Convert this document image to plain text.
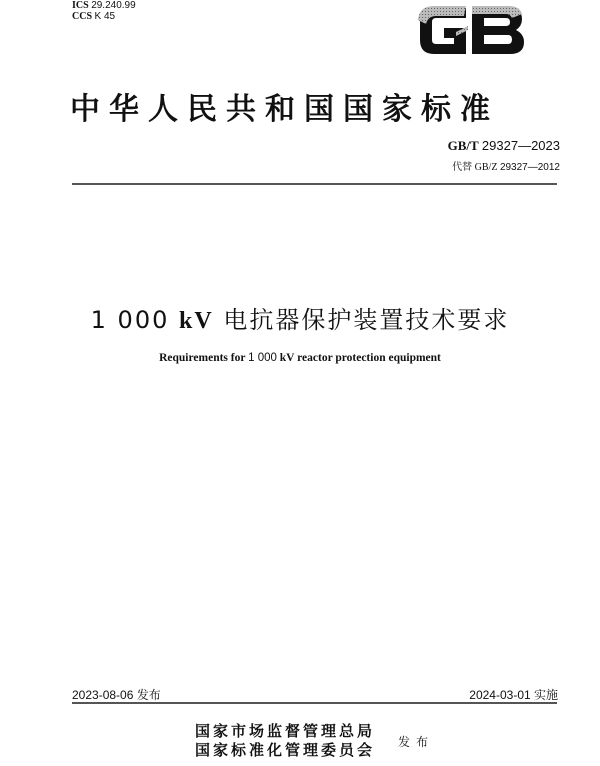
ICS 29.240.99
CCS K 45
中华人民共和国国家标准
GB/T 29327—2023
代替 GB/Z 29327—2012
1 000 kV 电抗器保护装置技术要求
Requirements for 1 000 kV reactor protection equipment
2023-08-06 发布	2024-03-01 实施
国家市场监督管理总局
国家标准化管理委员会 发布
